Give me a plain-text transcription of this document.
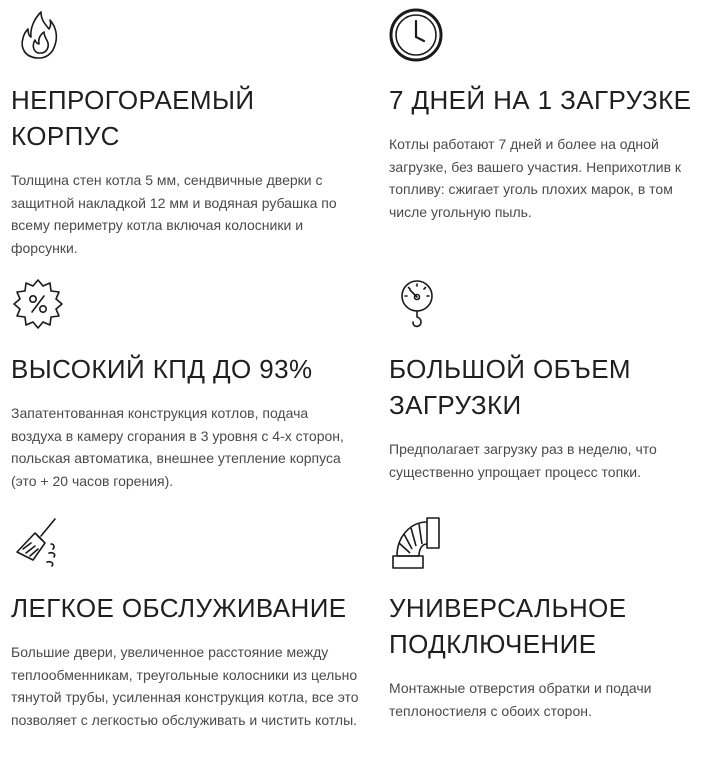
НЕПРОГОРАЕМЫЙ КОРПУС

Толщина стен котла 5 мм, сендвичные дверки с защитной накладкой 12 мм и водяная рубашка по всему периметру котла включая колосники и форсунки.

7 ДНЕЙ НА 1 ЗАГРУЗКЕ

Котлы работают 7 дней и более на одной загрузке, без вашего участия. Неприхотлив к топливу: сжигает уголь плохих марок, в том числе угольную пыль.

ВЫСОКИЙ КПД ДО 93%

Запатентованная конструкция котлов, подача воздуха в камеру сгорания в 3 уровня с 4-х сторон, польская автоматика, внешнее утепление корпуса (это + 20 часов горения).

БОЛЬШОЙ ОБЪЕМ ЗАГРУЗКИ

Предполагает загрузку раз в неделю, что существенно упрощает процесс топки.

ЛЕГКОЕ ОБСЛУЖИВАНИЕ

Большие двери, увеличенное расстояние между теплообменникам, треугольные колосники из цельно тянутой трубы, усиленная конструкция котла, все это позволяет с легкостью обслуживать и чистить котлы.

УНИВЕРСАЛЬНОЕ ПОДКЛЮЧЕНИЕ

Монтажные отверстия обратки и подачи теплоностиеля с обоих сторон.
